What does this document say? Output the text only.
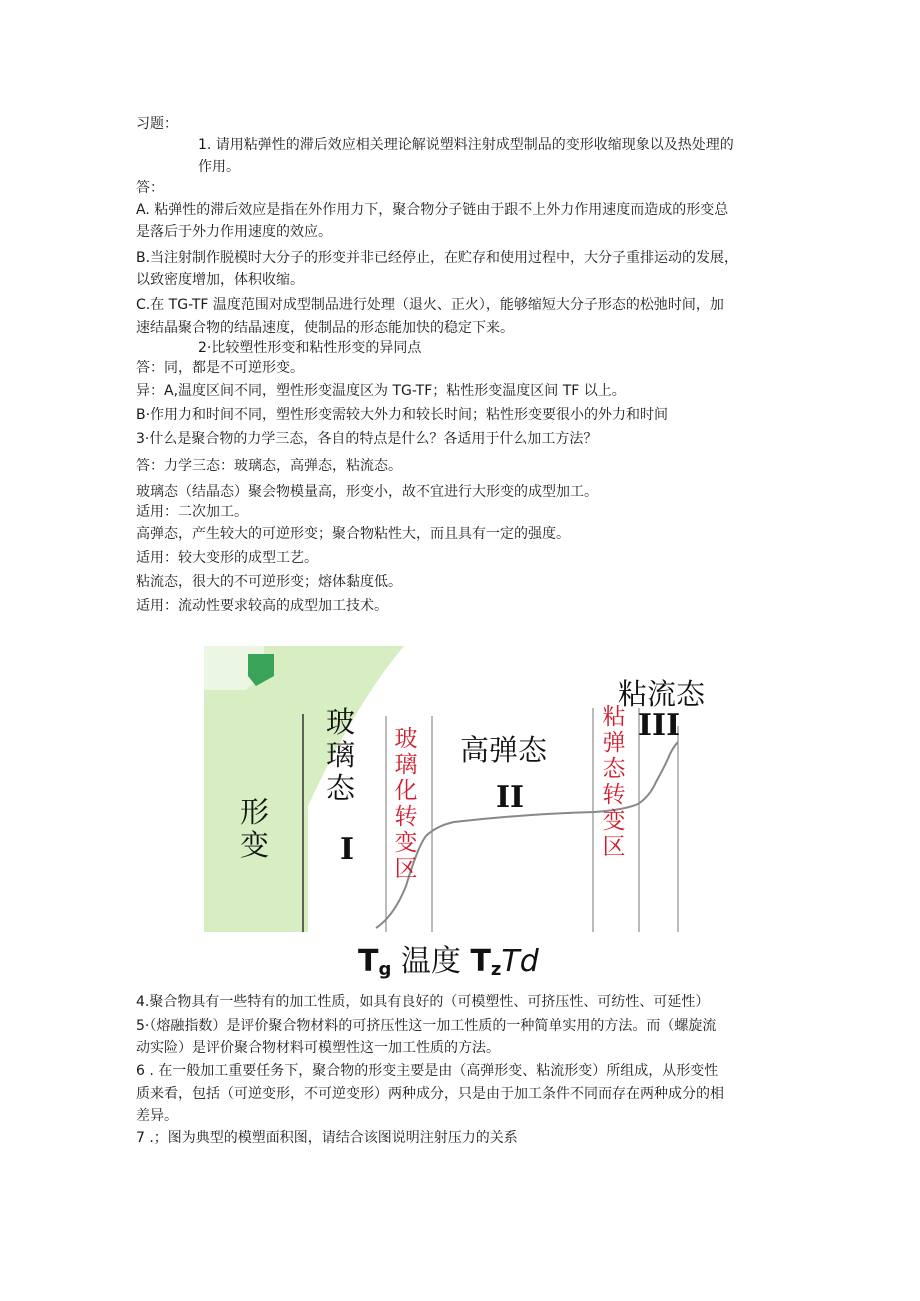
习题：
1. 请用粘弹性的滞后效应相关理论解说塑料注射成型制品的变形收缩现象以及热处理的
作用。
答：
A. 粘弹性的滞后效应是指在外作用力下，聚合物分子链由于跟不上外力作用速度而造成的形变总
是落后于外力作用速度的效应。
B.当注射制作脱模时大分子的形变并非已经停止，在贮存和使用过程中，大分子重排运动的发展，
以致密度增加，体积收缩。
C.在 TG-TF 温度范围对成型制品进行处理（退火、正火），能够缩短大分子形态的松弛时间，加
速结晶聚合物的结晶速度，使制品的形态能加快的稳定下来。
2·比较塑性形变和粘性形变的异同点
答：同，都是不可逆形变。
异：A,温度区间不同，塑性形变温度区为 TG-TF；粘性形变温度区间 TF 以上。
B·作用力和时间不同，塑性形变需较大外力和较长时间；粘性形变要很小的外力和时间
3·什么是聚合物的力学三态，各自的特点是什么？各适用于什么加工方法？
答：力学三态：玻璃态，高弹态，粘流态。
玻璃态（结晶态）聚会物模量高，形变小，故不宜进行大形变的成型加工。
适用：二次加工。
高弹态，产生较大的可逆形变；聚合物粘性大，而且具有一定的强度。
适用：较大变形的成型工艺。
粘流态，很大的不可逆形变；熔体黏度低。
适用：流动性要求较高的成型加工技术。
形变
玻璃态
玻璃化转变区
高弹态
粘弹态转变区
粘流态
I
II
III
$T_g$ 温度 $T_zTd$
4.聚合物具有一些特有的加工性质，如具有良好的（可模塑性、可挤压性、可纺性、可延性）
5·（熔融指数）是评价聚合物材料的可挤压性这一加工性质的一种简单实用的方法。而（螺旋流
动实险）是评价聚合物材料可模塑性这一加工性质的方法。
6 . 在一般加工重要任务下，聚合物的形变主要是由（高弹形变、粘流形变）所组成，从形变性
质来看，包括（可逆变形，不可逆变形）两种成分，只是由于加工条件不同而存在两种成分的相
差异。
7 .；图为典型的模塑面积图，请结合该图说明注射压力的关系
